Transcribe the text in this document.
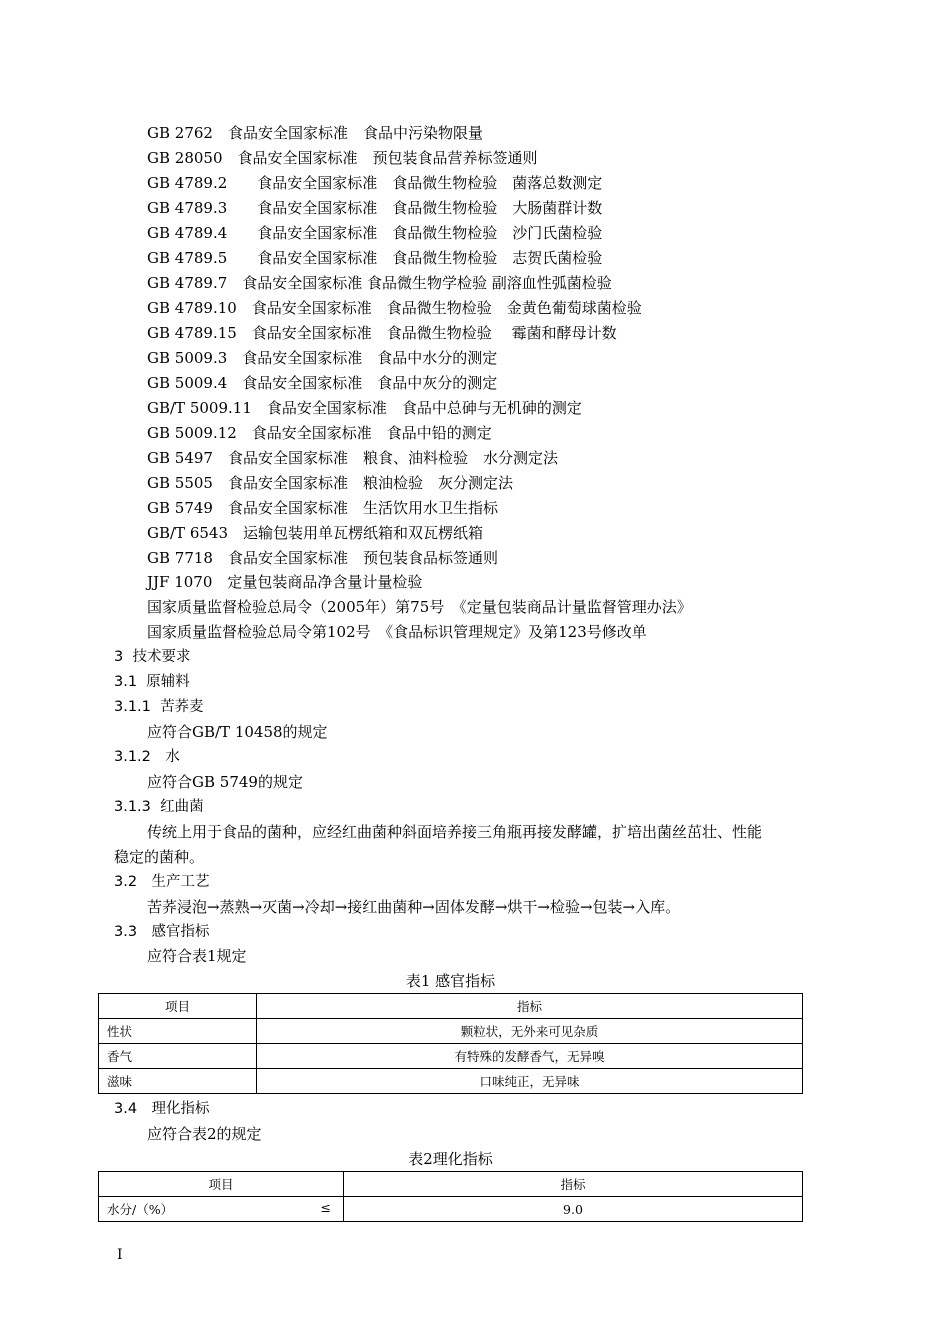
GB 2762　食品安全国家标准　食品中污染物限量
GB 28050　食品安全国家标准　预包装食品营养标签通则
GB 4789.2　　食品安全国家标准　食品微生物检验　菌落总数测定
GB 4789.3　　食品安全国家标准　食品微生物检验　大肠菌群计数
GB 4789.4　　食品安全国家标准　食品微生物检验　沙门氏菌检验
GB 4789.5　　食品安全国家标准　食品微生物检验　志贺氏菌检验
GB 4789.7　食品安全国家标准 食品微生物学检验 副溶血性弧菌检验
GB 4789.10　食品安全国家标准　食品微生物检验　金黄色葡萄球菌检验
GB 4789.15　食品安全国家标准　食品微生物检验　 霉菌和酵母计数
GB 5009.3　食品安全国家标准　食品中水分的测定
GB 5009.4　食品安全国家标准　食品中灰分的测定
GB/T 5009.11　食品安全国家标准　食品中总砷与无机砷的测定
GB 5009.12　食品安全国家标准　食品中铅的测定
GB 5497　食品安全国家标准　粮食、油料检验　水分测定法
GB 5505　食品安全国家标准　粮油检验　灰分测定法
GB 5749　食品安全国家标准　生活饮用水卫生指标
GB/T 6543　运输包装用单瓦楞纸箱和双瓦楞纸箱
GB 7718　食品安全国家标准　预包装食品标签通则
JJF 1070　定量包装商品净含量计量检验
国家质量监督检验总局令（2005年）第75号　《定量包装商品计量监督管理办法》
国家质量监督检验总局令第102号　《食品标识管理规定》及第123号修改单
3  技术要求
3.1  原辅料
3.1.1  苦荞麦
应符合GB/T 10458的规定
3.1.2　水
应符合GB 5749的规定
3.1.3  红曲菌
传统上用于食品的菌种，应经红曲菌种斜面培养接三角瓶再接发酵罐，扩培出菌丝茁壮、性能
稳定的菌种。
3.2　生产工艺
苦荞浸泡→蒸熟→灭菌→冷却→接红曲菌种→固体发酵→烘干→检验→包装→入库。
3.3　感官指标
应符合表1规定
表1 感官指标
项目	指标
性状	颗粒状，无外来可见杂质
香气	有特殊的发酵香气，无异嗅
滋味	口味纯正，无异味
3.4　理化指标
应符合表2的规定
表2理化指标
项目	指标
水分/（%） ≤	9.0
I
